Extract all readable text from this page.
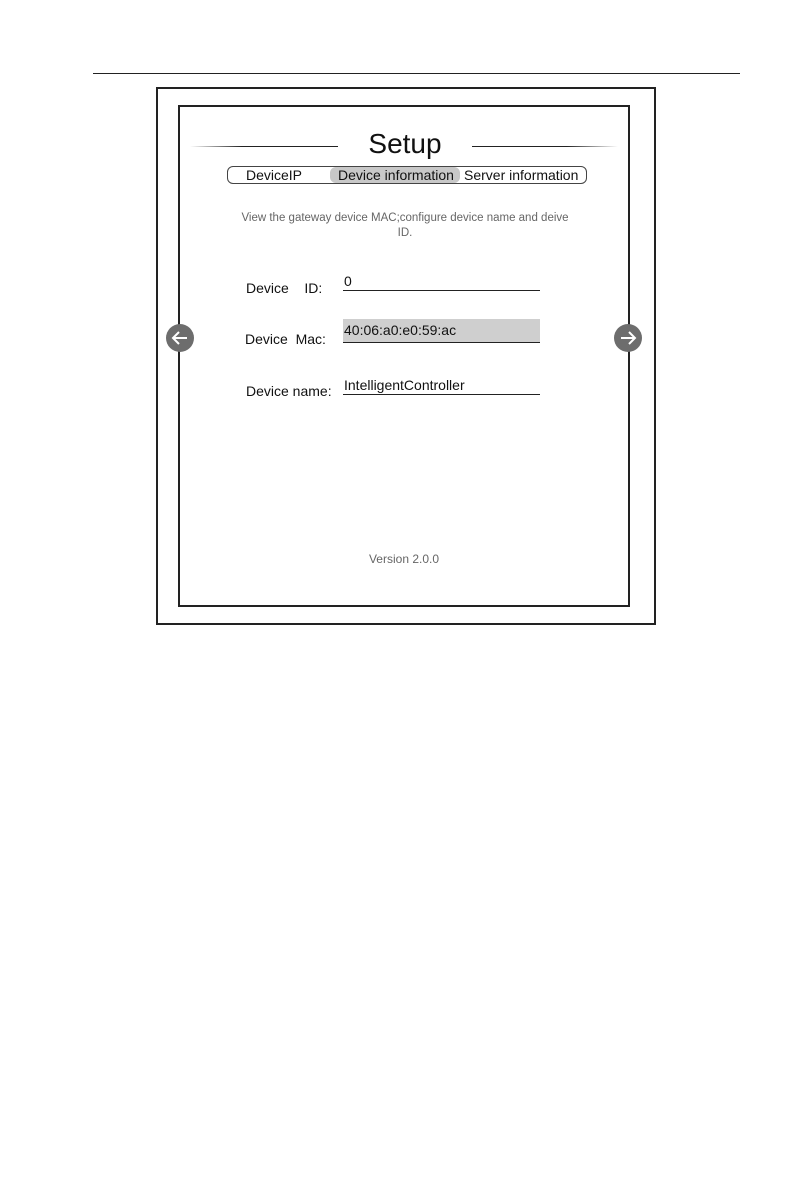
Setup
DeviceIP	Device information Server information
View the gateway device MAC;configure device name and deive ID.
Device    ID: 0
Device  Mac:
40:06:a0:e0:59:ac
Device name: IntelligentController
Version 2.0.0
